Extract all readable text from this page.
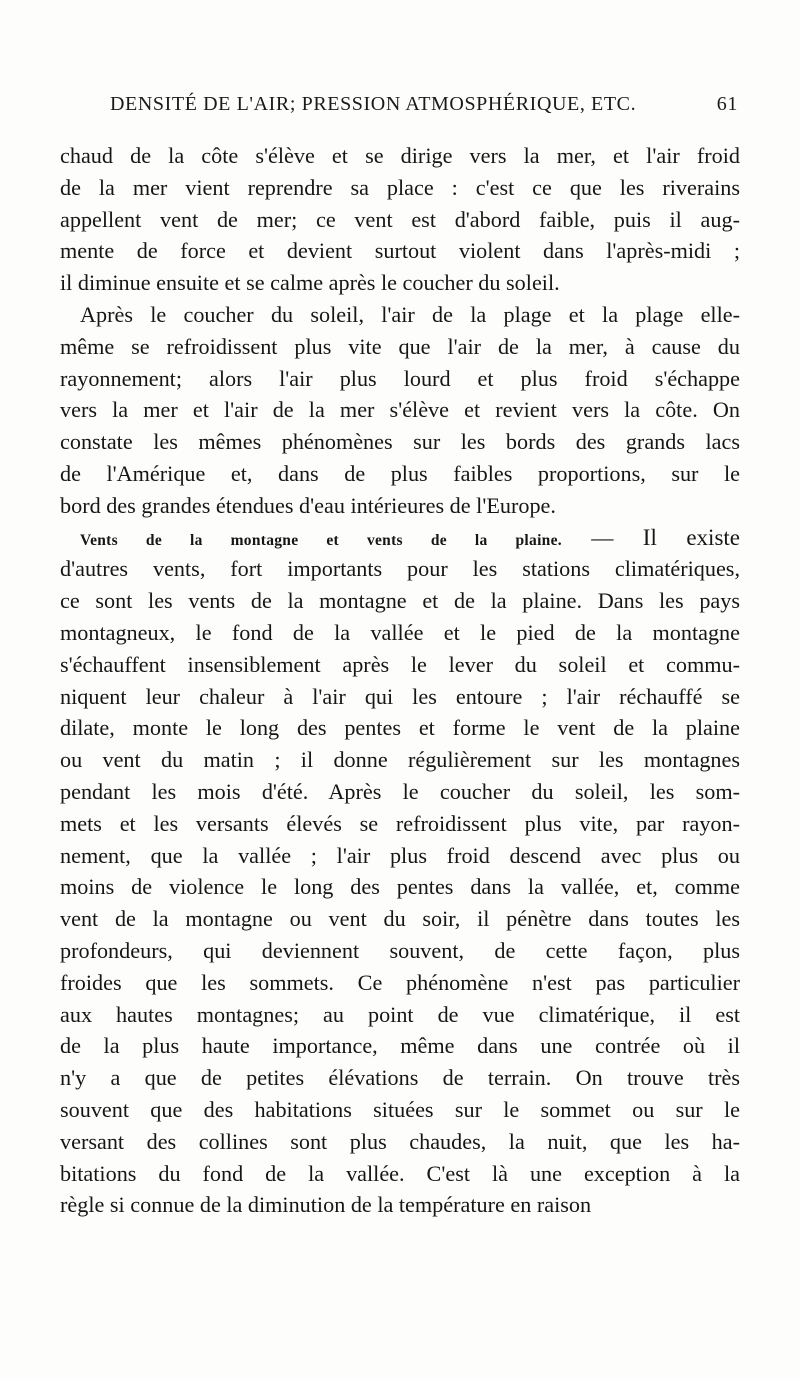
DENSITÉ DE L'AIR; PRESSION ATMOSPHÉRIQUE, ETC.	61
chaud de la côte s'élève et se dirige vers la mer, et l'air froid
de la mer vient reprendre sa place : c'est ce que les riverains
appellent vent de mer; ce vent est d'abord faible, puis il aug-
mente de force et devient surtout violent dans l'après-midi ;
il diminue ensuite et se calme après le coucher du soleil.
Après le coucher du soleil, l'air de la plage et la plage elle-
même se refroidissent plus vite que l'air de la mer, à cause du
rayonnement; alors l'air plus lourd et plus froid s'échappe
vers la mer et l'air de la mer s'élève et revient vers la côte. On
constate les mêmes phénomènes sur les bords des grands lacs
de l'Amérique et, dans de plus faibles proportions, sur le
bord des grandes étendues d'eau intérieures de l'Europe.
Vents de la montagne et vents de la plaine. — Il existe
d'autres vents, fort importants pour les stations climatériques,
ce sont les vents de la montagne et de la plaine. Dans les pays
montagneux, le fond de la vallée et le pied de la montagne
s'échauffent insensiblement après le lever du soleil et commu-
niquent leur chaleur à l'air qui les entoure ; l'air réchauffé se
dilate, monte le long des pentes et forme le vent de la plaine
ou vent du matin ; il donne régulièrement sur les montagnes
pendant les mois d'été. Après le coucher du soleil, les som-
mets et les versants élevés se refroidissent plus vite, par rayon-
nement, que la vallée ; l'air plus froid descend avec plus ou
moins de violence le long des pentes dans la vallée, et, comme
vent de la montagne ou vent du soir, il pénètre dans toutes les
profondeurs, qui deviennent souvent, de cette façon, plus
froides que les sommets. Ce phénomène n'est pas particulier
aux hautes montagnes; au point de vue climatérique, il est
de la plus haute importance, même dans une contrée où il
n'y a que de petites élévations de terrain. On trouve très
souvent que des habitations situées sur le sommet ou sur le
versant des collines sont plus chaudes, la nuit, que les ha-
bitations du fond de la vallée. C'est là une exception à la
règle si connue de la diminution de la température en raison
